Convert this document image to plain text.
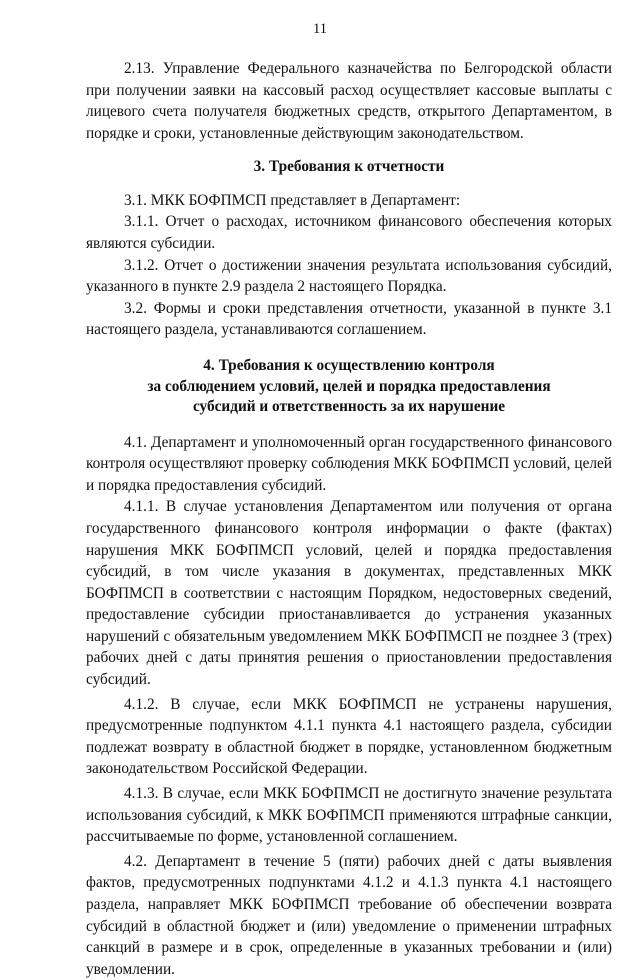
11

2.13. Управление Федерального казначейства по Белгородской области при получении заявки на кассовый расход осуществляет кассовые выплаты с лицевого счета получателя бюджетных средств, открытого Департаментом, в порядке и сроки, установленные действующим законодательством.

3. Требования к отчетности

3.1. МКК БОФПМСП представляет в Департамент:

3.1.1. Отчет о расходах, источником финансового обеспечения которых являются субсидии.

3.1.2. Отчет о достижении значения результата использования субсидий, указанного в пункте 2.9 раздела 2 настоящего Порядка.

3.2. Формы и сроки представления отчетности, указанной в пункте 3.1 настоящего раздела, устанавливаются соглашением.

4. Требования к осуществлению контроля
за соблюдением условий, целей и порядка предоставления
субсидий и ответственность за их нарушение

4.1. Департамент и уполномоченный орган государственного финансового контроля осуществляют проверку соблюдения МКК БОФПМСП условий, целей и порядка предоставления субсидий.

4.1.1. В случае установления Департаментом или получения от органа государственного финансового контроля информации о факте (фактах) нарушения МКК БОФПМСП условий, целей и порядка предоставления субсидий, в том числе указания в документах, представленных МКК БОФПМСП в соответствии с настоящим Порядком, недостоверных сведений, предоставление субсидии приостанавливается до устранения указанных нарушений с обязательным уведомлением МКК БОФПМСП не позднее 3 (трех) рабочих дней с даты принятия решения о приостановлении предоставления субсидий.

4.1.2. В случае, если МКК БОФПМСП не устранены нарушения, предусмотренные подпунктом 4.1.1 пункта 4.1 настоящего раздела, субсидии подлежат возврату в областной бюджет в порядке, установленном бюджетным законодательством Российской Федерации.

4.1.3. В случае, если МКК БОФПМСП не достигнуто значение результата использования субсидий, к МКК БОФПМСП применяются штрафные санкции, рассчитываемые по форме, установленной соглашением.

4.2. Департамент в течение 5 (пяти) рабочих дней с даты выявления фактов, предусмотренных подпунктами 4.1.2 и 4.1.3 пункта 4.1 настоящего раздела, направляет МКК БОФПМСП требование об обеспечении возврата субсидий в областной бюджет и (или) уведомление о применении штрафных санкций в размере и в срок, определенные в указанных требовании и (или) уведомлении.
